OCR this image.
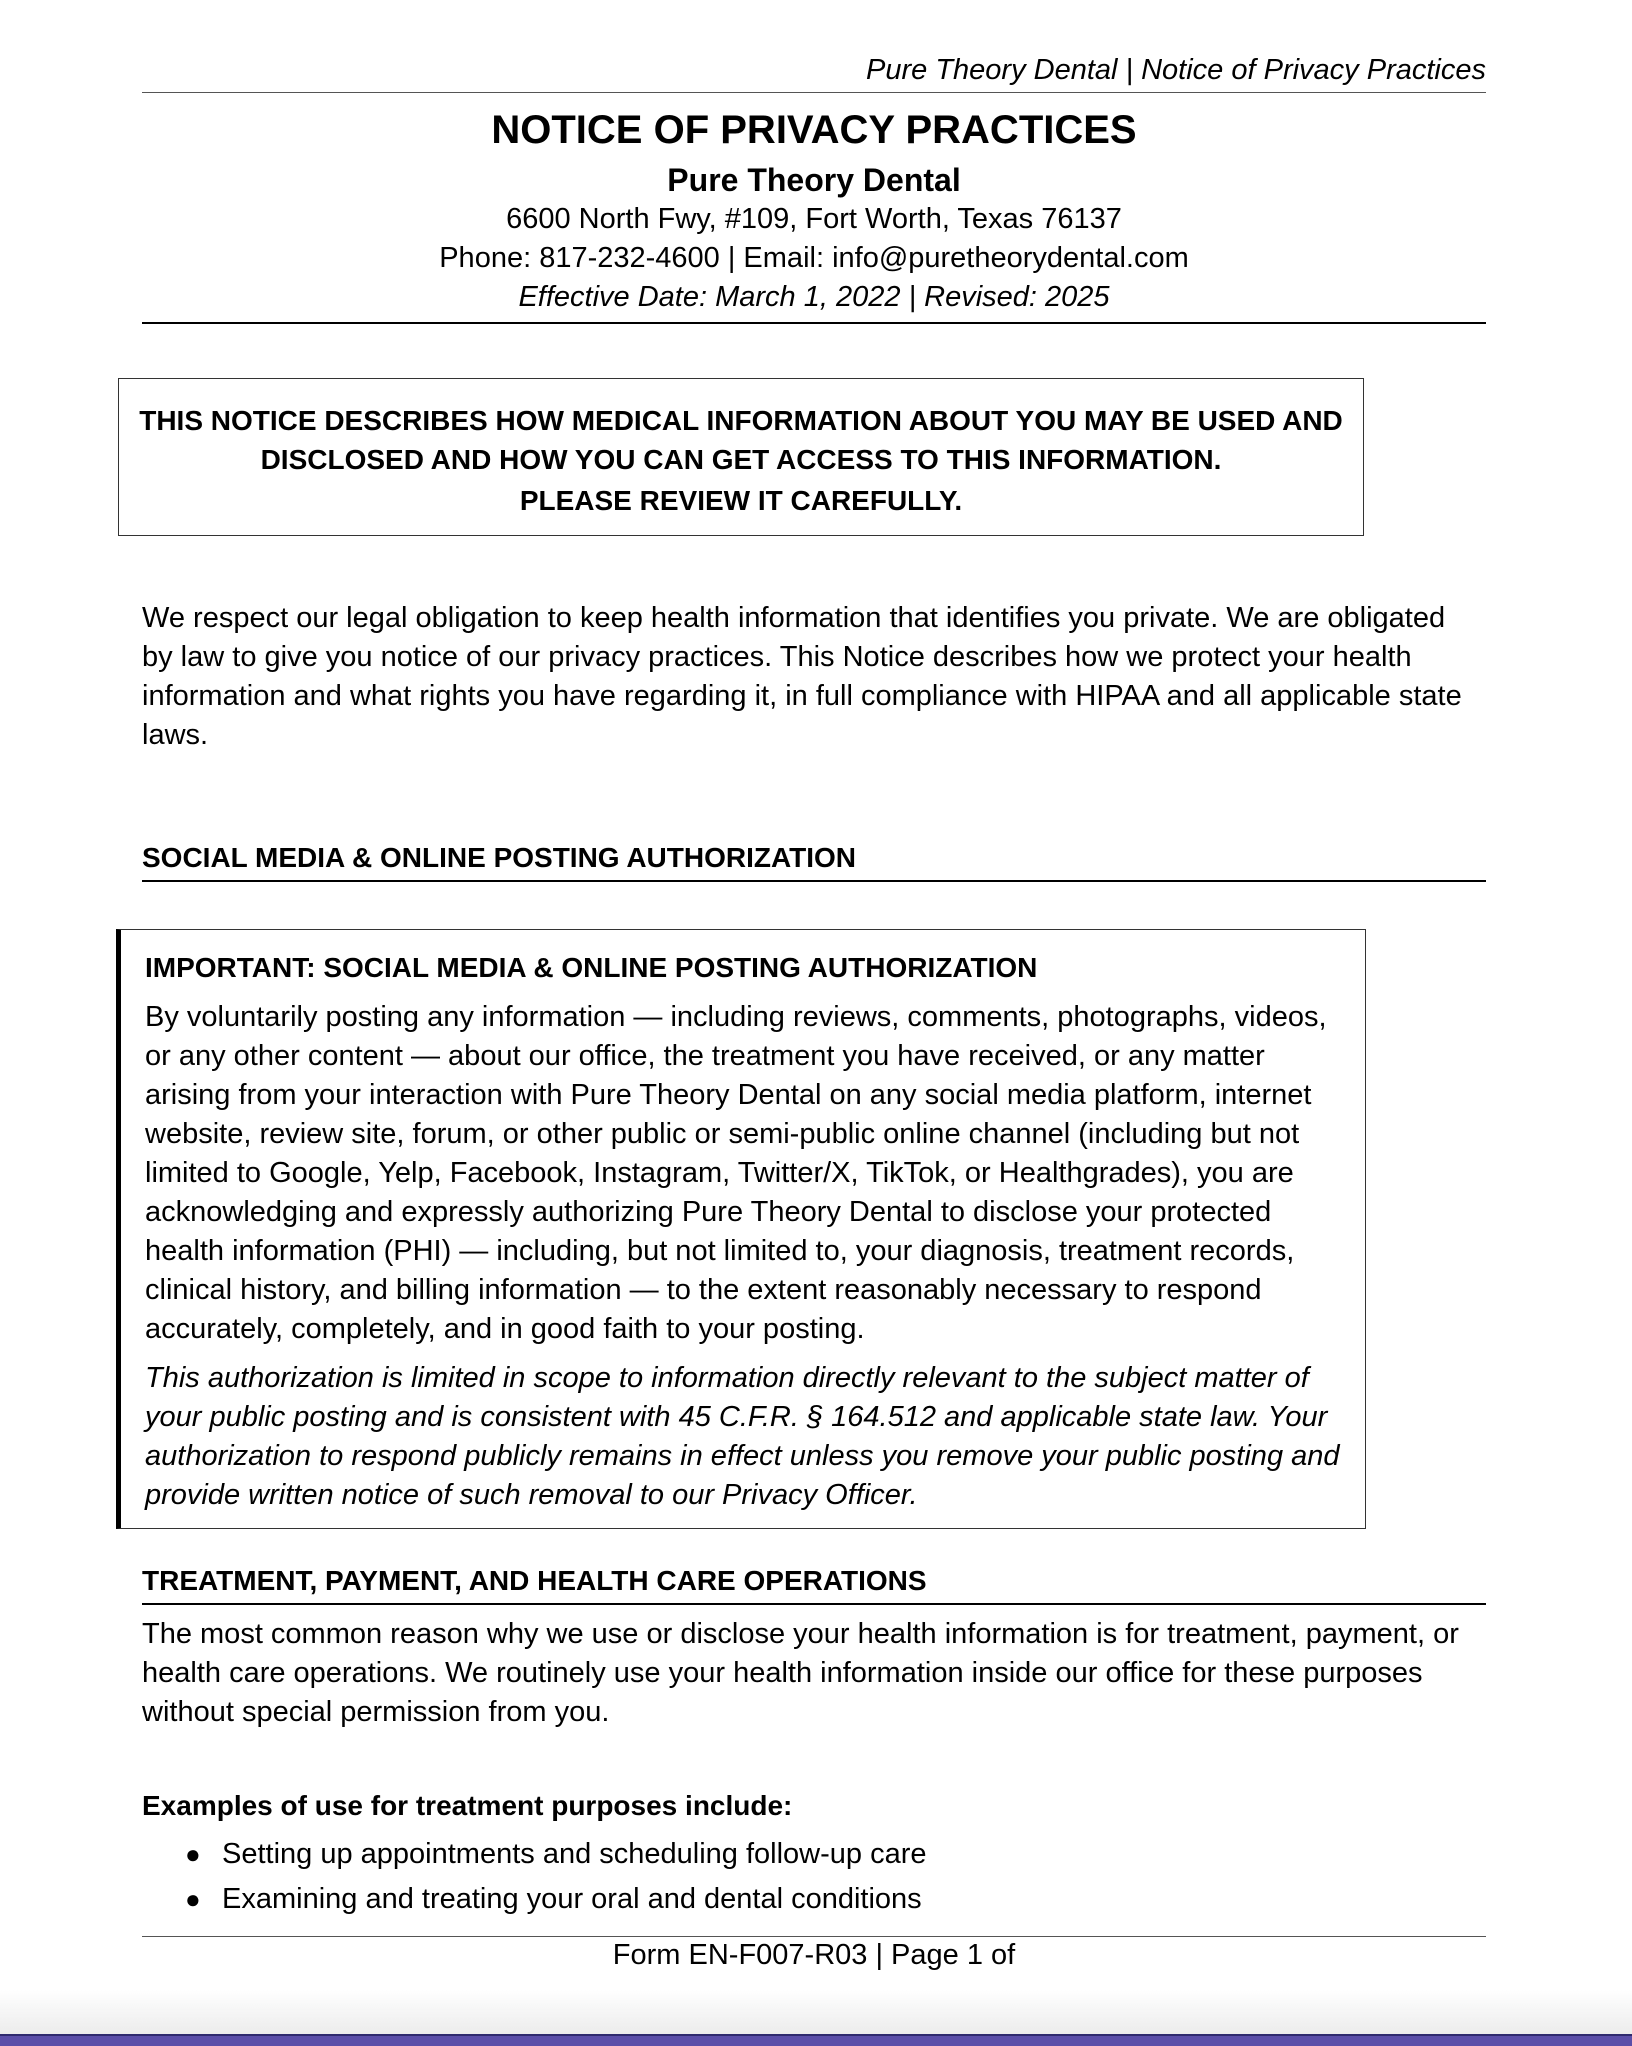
Pure Theory Dental | Notice of Privacy Practices
NOTICE OF PRIVACY PRACTICES
Pure Theory Dental
6600 North Fwy, #109, Fort Worth, Texas 76137
Phone: 817-232-4600 | Email: info@puretheorydental.com
Effective Date: March 1, 2022 | Revised: 2025
THIS NOTICE DESCRIBES HOW MEDICAL INFORMATION ABOUT YOU MAY BE USED AND DISCLOSED AND HOW YOU CAN GET ACCESS TO THIS INFORMATION.
PLEASE REVIEW IT CAREFULLY.

We respect our legal obligation to keep health information that identifies you private. We are obligated by law to give you notice of our privacy practices. This Notice describes how we protect your health information and what rights you have regarding it, in full compliance with HIPAA and all applicable state laws.

SOCIAL MEDIA & ONLINE POSTING AUTHORIZATION
IMPORTANT: SOCIAL MEDIA & ONLINE POSTING AUTHORIZATION

By voluntarily posting any information — including reviews, comments, photographs, videos, or any other content — about our office, the treatment you have received, or any matter arising from your interaction with Pure Theory Dental on any social media platform, internet website, review site, forum, or other public or semi-public online channel (including but not limited to Google, Yelp, Facebook, Instagram, Twitter/X, TikTok, or Healthgrades), you are acknowledging and expressly authorizing Pure Theory Dental to disclose your protected health information (PHI) — including, but not limited to, your diagnosis, treatment records, clinical history, and billing information — to the extent reasonably necessary to respond accurately, completely, and in good faith to your posting.

This authorization is limited in scope to information directly relevant to the subject matter of your public posting and is consistent with 45 C.F.R. § 164.512 and applicable state law. Your authorization to respond publicly remains in effect unless you remove your public posting and provide written notice of such removal to our Privacy Officer.

TREATMENT, PAYMENT, AND HEALTH CARE OPERATIONS

The most common reason why we use or disclose your health information is for treatment, payment, or health care operations. We routinely use your health information inside our office for these purposes without special permission from you.

Examples of use for treatment purposes include:
● Setting up appointments and scheduling follow-up care
● Examining and treating your oral and dental conditions
Form EN-F007-R03 | Page 1 of
